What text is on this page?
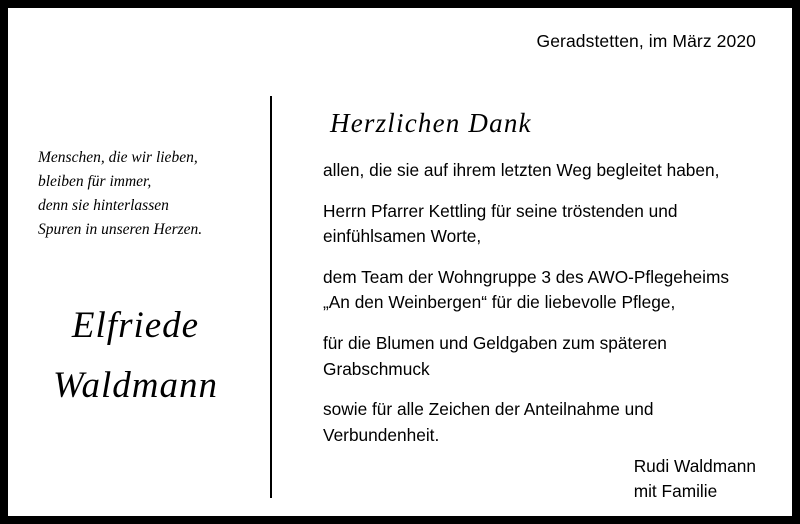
Geradstetten, im März 2020
Menschen, die wir lieben,
bleiben für immer,
denn sie hinterlassen
Spuren in unseren Herzen.
Elfriede
Waldmann
Herzlichen Dank
allen, die sie auf ihrem letzten Weg begleitet haben,
Herrn Pfarrer Kettling für seine tröstenden und
einfühlsamen Worte,
dem Team der Wohngruppe 3 des AWO-Pflegeheims
„An den Weinbergen“ für die liebevolle Pflege,
für die Blumen und Geldgaben zum späteren
Grabschmuck
sowie für alle Zeichen der Anteilnahme und
Verbundenheit.
Rudi Waldmann
mit Familie
